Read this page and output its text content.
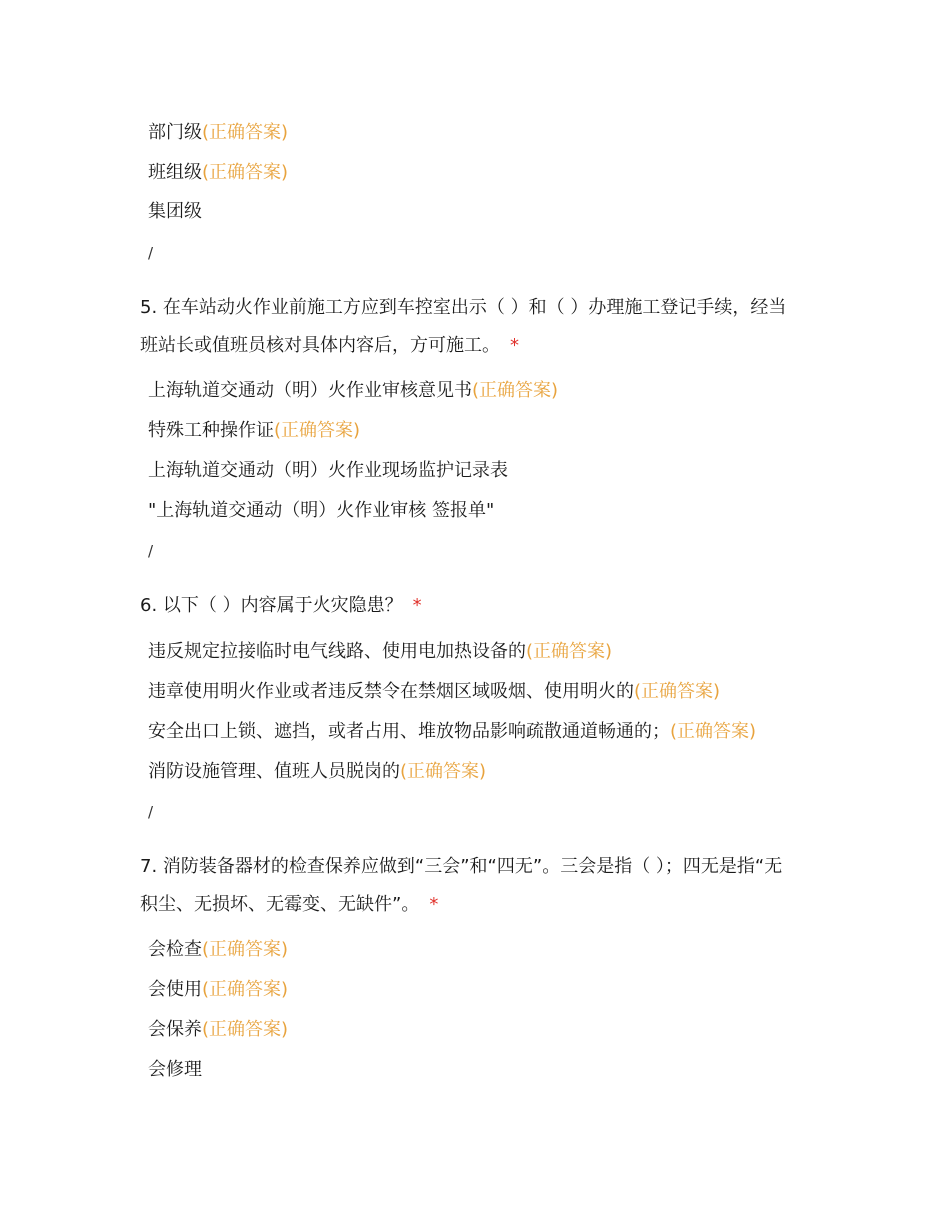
部门级(正确答案)
班组级(正确答案)
集团级
/
5. 在车站动火作业前施工方应到车控室出示（ ）和（ ）办理施工登记手续，经当
班站长或值班员核对具体内容后，方可施工。 *
上海轨道交通动（明）火作业审核意见书(正确答案)
特殊工种操作证(正确答案)
上海轨道交通动（明）火作业现场监护记录表
"上海轨道交通动（明）火作业审核 签报单"
/
6. 以下（ ）内容属于火灾隐患？ *
违反规定拉接临时电气线路、使用电加热设备的(正确答案)
违章使用明火作业或者违反禁令在禁烟区域吸烟、使用明火的(正确答案)
安全出口上锁、遮挡，或者占用、堆放物品影响疏散通道畅通的；(正确答案)
消防设施管理、值班人员脱岗的(正确答案)
/
7. 消防装备器材的检查保养应做到“三会”和“四无”。三会是指（ ）；四无是指“无
积尘、无损坏、无霉变、无缺件”。 *
会检查(正确答案)
会使用(正确答案)
会保养(正确答案)
会修理
